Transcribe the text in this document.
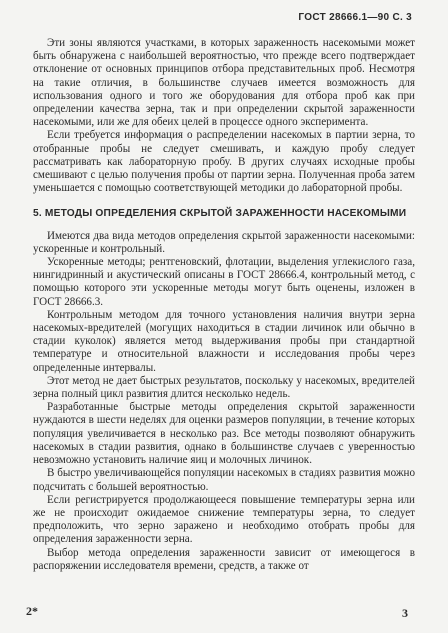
ГОСТ 28666.1—90 С. 3

Эти зоны являются участками, в которых зараженность насекомыми может быть обнаружена с наибольшей вероятностью, что прежде всего подтверждает отклонение от основных принципов отбора представительных проб. Несмотря на такие отличия, в большинстве случаев имеется возможность для использования одного и того же оборудования для отбора проб как при определении качества зерна, так и при определении скрытой зараженности насекомыми, или же для обеих целей в процессе одного эксперимента.

Если требуется информация о распределении насекомых в партии зерна, то отобранные пробы не следует смешивать, и каждую пробу следует рассматривать как лабораторную пробу. В других случаях исходные пробы смешивают с целью получения пробы от партии зерна. Полученная проба затем уменьшается с помощью соответствующей методики до лабораторной пробы.

5. МЕТОДЫ ОПРЕДЕЛЕНИЯ СКРЫТОЙ ЗАРАЖЕННОСТИ НАСЕКОМЫМИ

Имеются два вида методов определения скрытой зараженности насекомыми: ускоренные и контрольный.

Ускоренные методы; рентгеновский, флотации, выделения углекислого газа, нингидринный и акустический описаны в ГОСТ 28666.4, контрольный метод, с помощью которого эти ускоренные методы могут быть оценены, изложен в ГОСТ 28666.3.

Контрольным методом для точного установления наличия внутри зерна насекомых-вредителей (могущих находиться в стадии личинок или обычно в стадии куколок) является метод выдерживания пробы при стандартной температуре и относительной влажности и исследования пробы через определенные интервалы.

Этот метод не дает быстрых результатов, поскольку у насекомых, вредителей зерна полный цикл развития длится несколько недель.

Разработанные быстрые методы определения скрытой зараженности нуждаются в шести неделях для оценки размеров популяции, в течение которых популяция увеличивается в несколько раз. Все методы позволяют обнаружить насекомых в стадии развития, однако в большинстве случаев с уверенностью невозможно установить наличие яиц и молочных личинок.

В быстро увеличивающейся популяции насекомых в стадиях развития можно подсчитать с большей вероятностью.

Если регистрируется продолжающееся повышение температуры зерна или же не происходит ожидаемое снижение температуры зерна, то следует предположить, что зерно заражено и необходимо отобрать пробы для определения зараженности зерна.

Выбор метода определения зараженности зависит от имеющегося в распоряжении исследователя времени, средств, а также от

2*	3
